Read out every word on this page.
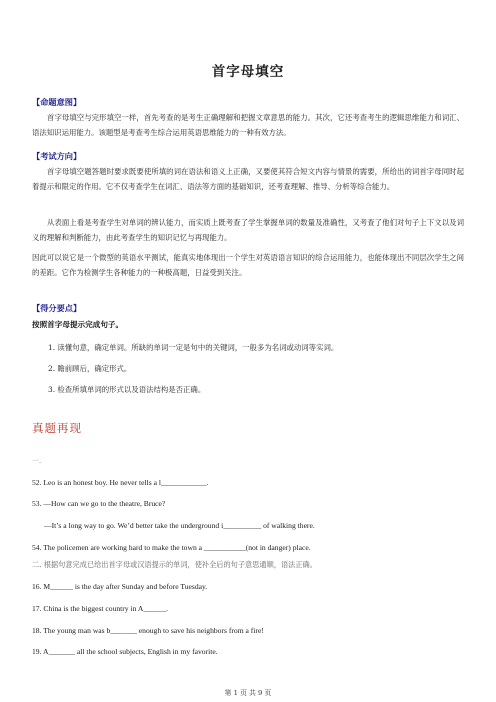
首字母填空
【命题意图】
首字母填空与完形填空一样，首先考查的是考生正确理解和把握文章意思的能力。其次，它还考查考生的逻辑思维能力和词汇、语法知识运用能力。该题型是考查考生综合运用英语思维能力的一种有效方法。
【考试方向】
首字母填空题答题时要求既要使所填的词在语法和语义上正确，又要使其符合短文内容与情景的需要，所给出的词首字母同时起着提示和限定的作用。它不仅考查学生在词汇、语法等方面的基础知识，还考查理解、推导、分析等综合能力。
从表面上看是考查学生对单词的辨认能力，而实质上既考查了学生掌握单词的数量及准确性，又考查了他们对句子上下文以及词义的理解和判断能力，由此考查学生的知识记忆与再现能力。
因此可以说它是一个微型的英语水平测试，能真实地体现出一个学生对英语语言知识的综合运用能力，也能体现出不同层次学生之间的差距。它作为检测学生各种能力的一种极高题，日益受到关注。
【得分要点】
按照首字母提示完成句子。
1. 读懂句意，确定单词。所缺的单词一定是句中的关键词，一般多为名词或动词等实词。
2. 瞻前顾后，确定形式。
3. 检查所填单词的形式以及语法结构是否正确。
真题再现
一.
52. Leo is an honest boy. He never tells a l____________.
53. —How can we go to the theatre, Bruce?
—It’s a long way to go. We’d better take the underground i__________ of walking there.
54. The policemen are working hard to make the town a ___________(not in danger) place.
二. 根据句意完成已给出首字母或汉语提示的单词，使补全后的句子意思通顺，语法正确。
16. M______ is the day after Sunday and before Tuesday.
17. China is the biggest country in A______.
18. The young man was b_______ enough to save his neighbors from a fire!
19. A_______ all the school subjects, English in my favorite.
第 1 页 共 9 页
